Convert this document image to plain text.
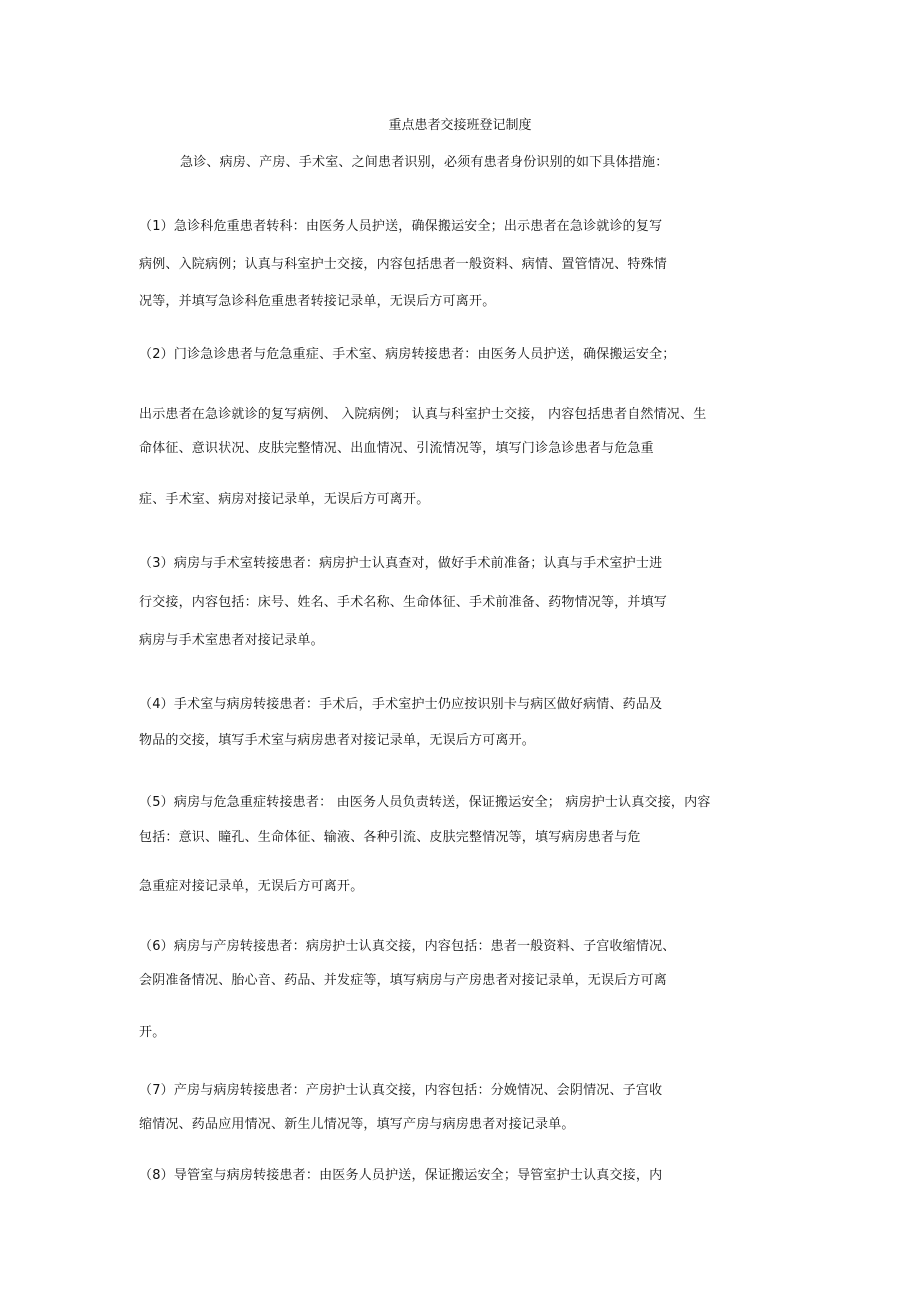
重点患者交接班登记制度
急诊、病房、产房、手术室、之间患者识别，必须有患者身份识别的如下具体措施：
（1）急诊科危重患者转科：由医务人员护送，确保搬运安全；出示患者在急诊就诊的复写
病例、入院病例；认真与科室护士交接，内容包括患者一般资料、病情、置管情况、特殊情
况等，并填写急诊科危重患者转接记录单，无误后方可离开。
（2）门诊急诊患者与危急重症、手术室、病房转接患者：由医务人员护送，确保搬运安全；
出示患者在急诊就诊的复写病例、 入院病例； 认真与科室护士交接， 内容包括患者自然情况、生
命体征、意识状况、皮肤完整情况、出血情况、引流情况等，填写门诊急诊患者与危急重
症、手术室、病房对接记录单，无误后方可离开。
（3）病房与手术室转接患者：病房护士认真查对，做好手术前准备；认真与手术室护士进
行交接，内容包括：床号、姓名、手术名称、生命体征、手术前准备、药物情况等，并填写
病房与手术室患者对接记录单。
（4）手术室与病房转接患者：手术后，手术室护士仍应按识别卡与病区做好病情、药品及
物品的交接，填写手术室与病房患者对接记录单，无误后方可离开。
（5）病房与危急重症转接患者： 由医务人员负责转送，保证搬运安全； 病房护士认真交接，内容
包括：意识、瞳孔、生命体征、输液、各种引流、皮肤完整情况等，填写病房患者与危
急重症对接记录单，无误后方可离开。
（6）病房与产房转接患者：病房护士认真交接，内容包括：患者一般资料、子宫收缩情况、
会阴准备情况、胎心音、药品、并发症等，填写病房与产房患者对接记录单，无误后方可离
开。
（7）产房与病房转接患者：产房护士认真交接，内容包括：分娩情况、会阴情况、子宫收
缩情况、药品应用情况、新生儿情况等，填写产房与病房患者对接记录单。
（8）导管室与病房转接患者：由医务人员护送，保证搬运安全；导管室护士认真交接，内
